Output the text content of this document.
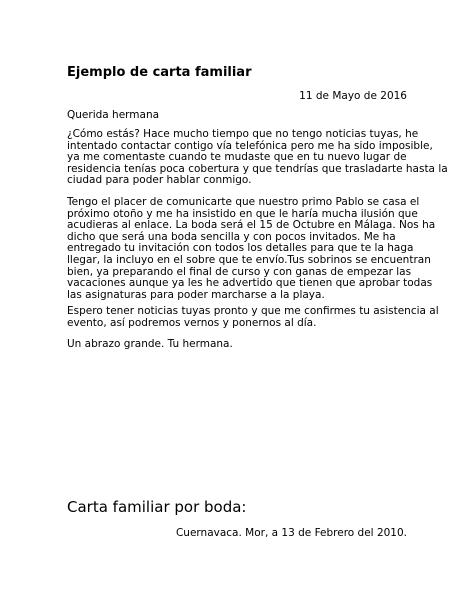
Ejemplo de carta familiar
11 de Mayo de 2016
Querida hermana
¿Cómo estás? Hace mucho tiempo que no tengo noticias tuyas, he
intentado contactar contigo vía telefónica pero me ha sido imposible,
ya me comentaste cuando te mudaste que en tu nuevo lugar de
residencia tenías poca cobertura y que tendrías que trasladarte hasta la
ciudad para poder hablar conmigo.
Tengo el placer de comunicarte que nuestro primo Pablo se casa el
próximo otoño y me ha insistido en que le haría mucha ilusión que
acudieras al enlace. La boda será el 15 de Octubre en Málaga. Nos ha
dicho que será una boda sencilla y con pocos invitados. Me ha
entregado tu invitación con todos los detalles para que te la haga
llegar, la incluyo en el sobre que te envío.Tus sobrinos se encuentran
bien, ya preparando el final de curso y con ganas de empezar las
vacaciones aunque ya les he advertido que tienen que aprobar todas
las asignaturas para poder marcharse a la playa.
Espero tener noticias tuyas pronto y que me confirmes tu asistencia al
evento, así podremos vernos y ponernos al día.
Un abrazo grande. Tu hermana.
Carta familiar por boda:
Cuernavaca. Mor, a 13 de Febrero del 2010.
